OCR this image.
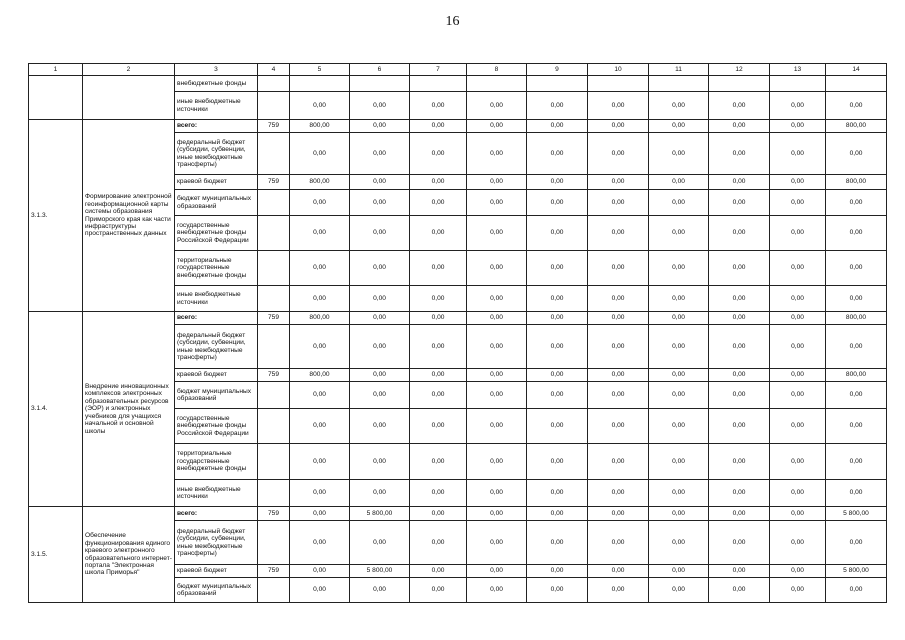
16
1	2	3	4	5	6	7	8	9	10	11	12	13	14
		внебюджетные фонды											
		иные внебюджетные источники		0,00	0,00	0,00	0,00	0,00	0,00	0,00	0,00	0,00	0,00
3.1.3.	Формирование электронной геоинформационной карты системы образования Приморского края как части инфраструктуры пространственных данных	всего:	759	800,00	0,00	0,00	0,00	0,00	0,00	0,00	0,00	0,00	800,00
		федеральный бюджет (субсидии, субвенции, иные межбюджетные трансферты)		0,00	0,00	0,00	0,00	0,00	0,00	0,00	0,00	0,00	0,00
		краевой бюджет	759	800,00	0,00	0,00	0,00	0,00	0,00	0,00	0,00	0,00	800,00
		бюджет муниципальных образований		0,00	0,00	0,00	0,00	0,00	0,00	0,00	0,00	0,00	0,00
		государственные внебюджетные фонды Российской Федерации		0,00	0,00	0,00	0,00	0,00	0,00	0,00	0,00	0,00	0,00
		территориальные государственные внебюджетные фонды		0,00	0,00	0,00	0,00	0,00	0,00	0,00	0,00	0,00	0,00
		иные внебюджетные источники		0,00	0,00	0,00	0,00	0,00	0,00	0,00	0,00	0,00	0,00
3.1.4.	Внедрение инновационных комплексов электронных образовательных ресурсов (ЭОР) и электронных учебников для учащихся начальной и основной школы	всего:	759	800,00	0,00	0,00	0,00	0,00	0,00	0,00	0,00	0,00	800,00
		федеральный бюджет (субсидии, субвенции, иные межбюджетные трансферты)		0,00	0,00	0,00	0,00	0,00	0,00	0,00	0,00	0,00	0,00
		краевой бюджет	759	800,00	0,00	0,00	0,00	0,00	0,00	0,00	0,00	0,00	800,00
		бюджет муниципальных образований		0,00	0,00	0,00	0,00	0,00	0,00	0,00	0,00	0,00	0,00
		государственные внебюджетные фонды Российской Федерации		0,00	0,00	0,00	0,00	0,00	0,00	0,00	0,00	0,00	0,00
		территориальные государственные внебюджетные фонды		0,00	0,00	0,00	0,00	0,00	0,00	0,00	0,00	0,00	0,00
		иные внебюджетные источники		0,00	0,00	0,00	0,00	0,00	0,00	0,00	0,00	0,00	0,00
3.1.5.	Обеспечение функционирования единого краевого электронного образовательного интернет-портала "Электронная школа Приморья"	всего:	759	0,00	5 800,00	0,00	0,00	0,00	0,00	0,00	0,00	0,00	5 800,00
		федеральный бюджет (субсидии, субвенции, иные межбюджетные трансферты)		0,00	0,00	0,00	0,00	0,00	0,00	0,00	0,00	0,00	0,00
		краевой бюджет	759	0,00	5 800,00	0,00	0,00	0,00	0,00	0,00	0,00	0,00	5 800,00
		бюджет муниципальных образований		0,00	0,00	0,00	0,00	0,00	0,00	0,00	0,00	0,00	0,00
